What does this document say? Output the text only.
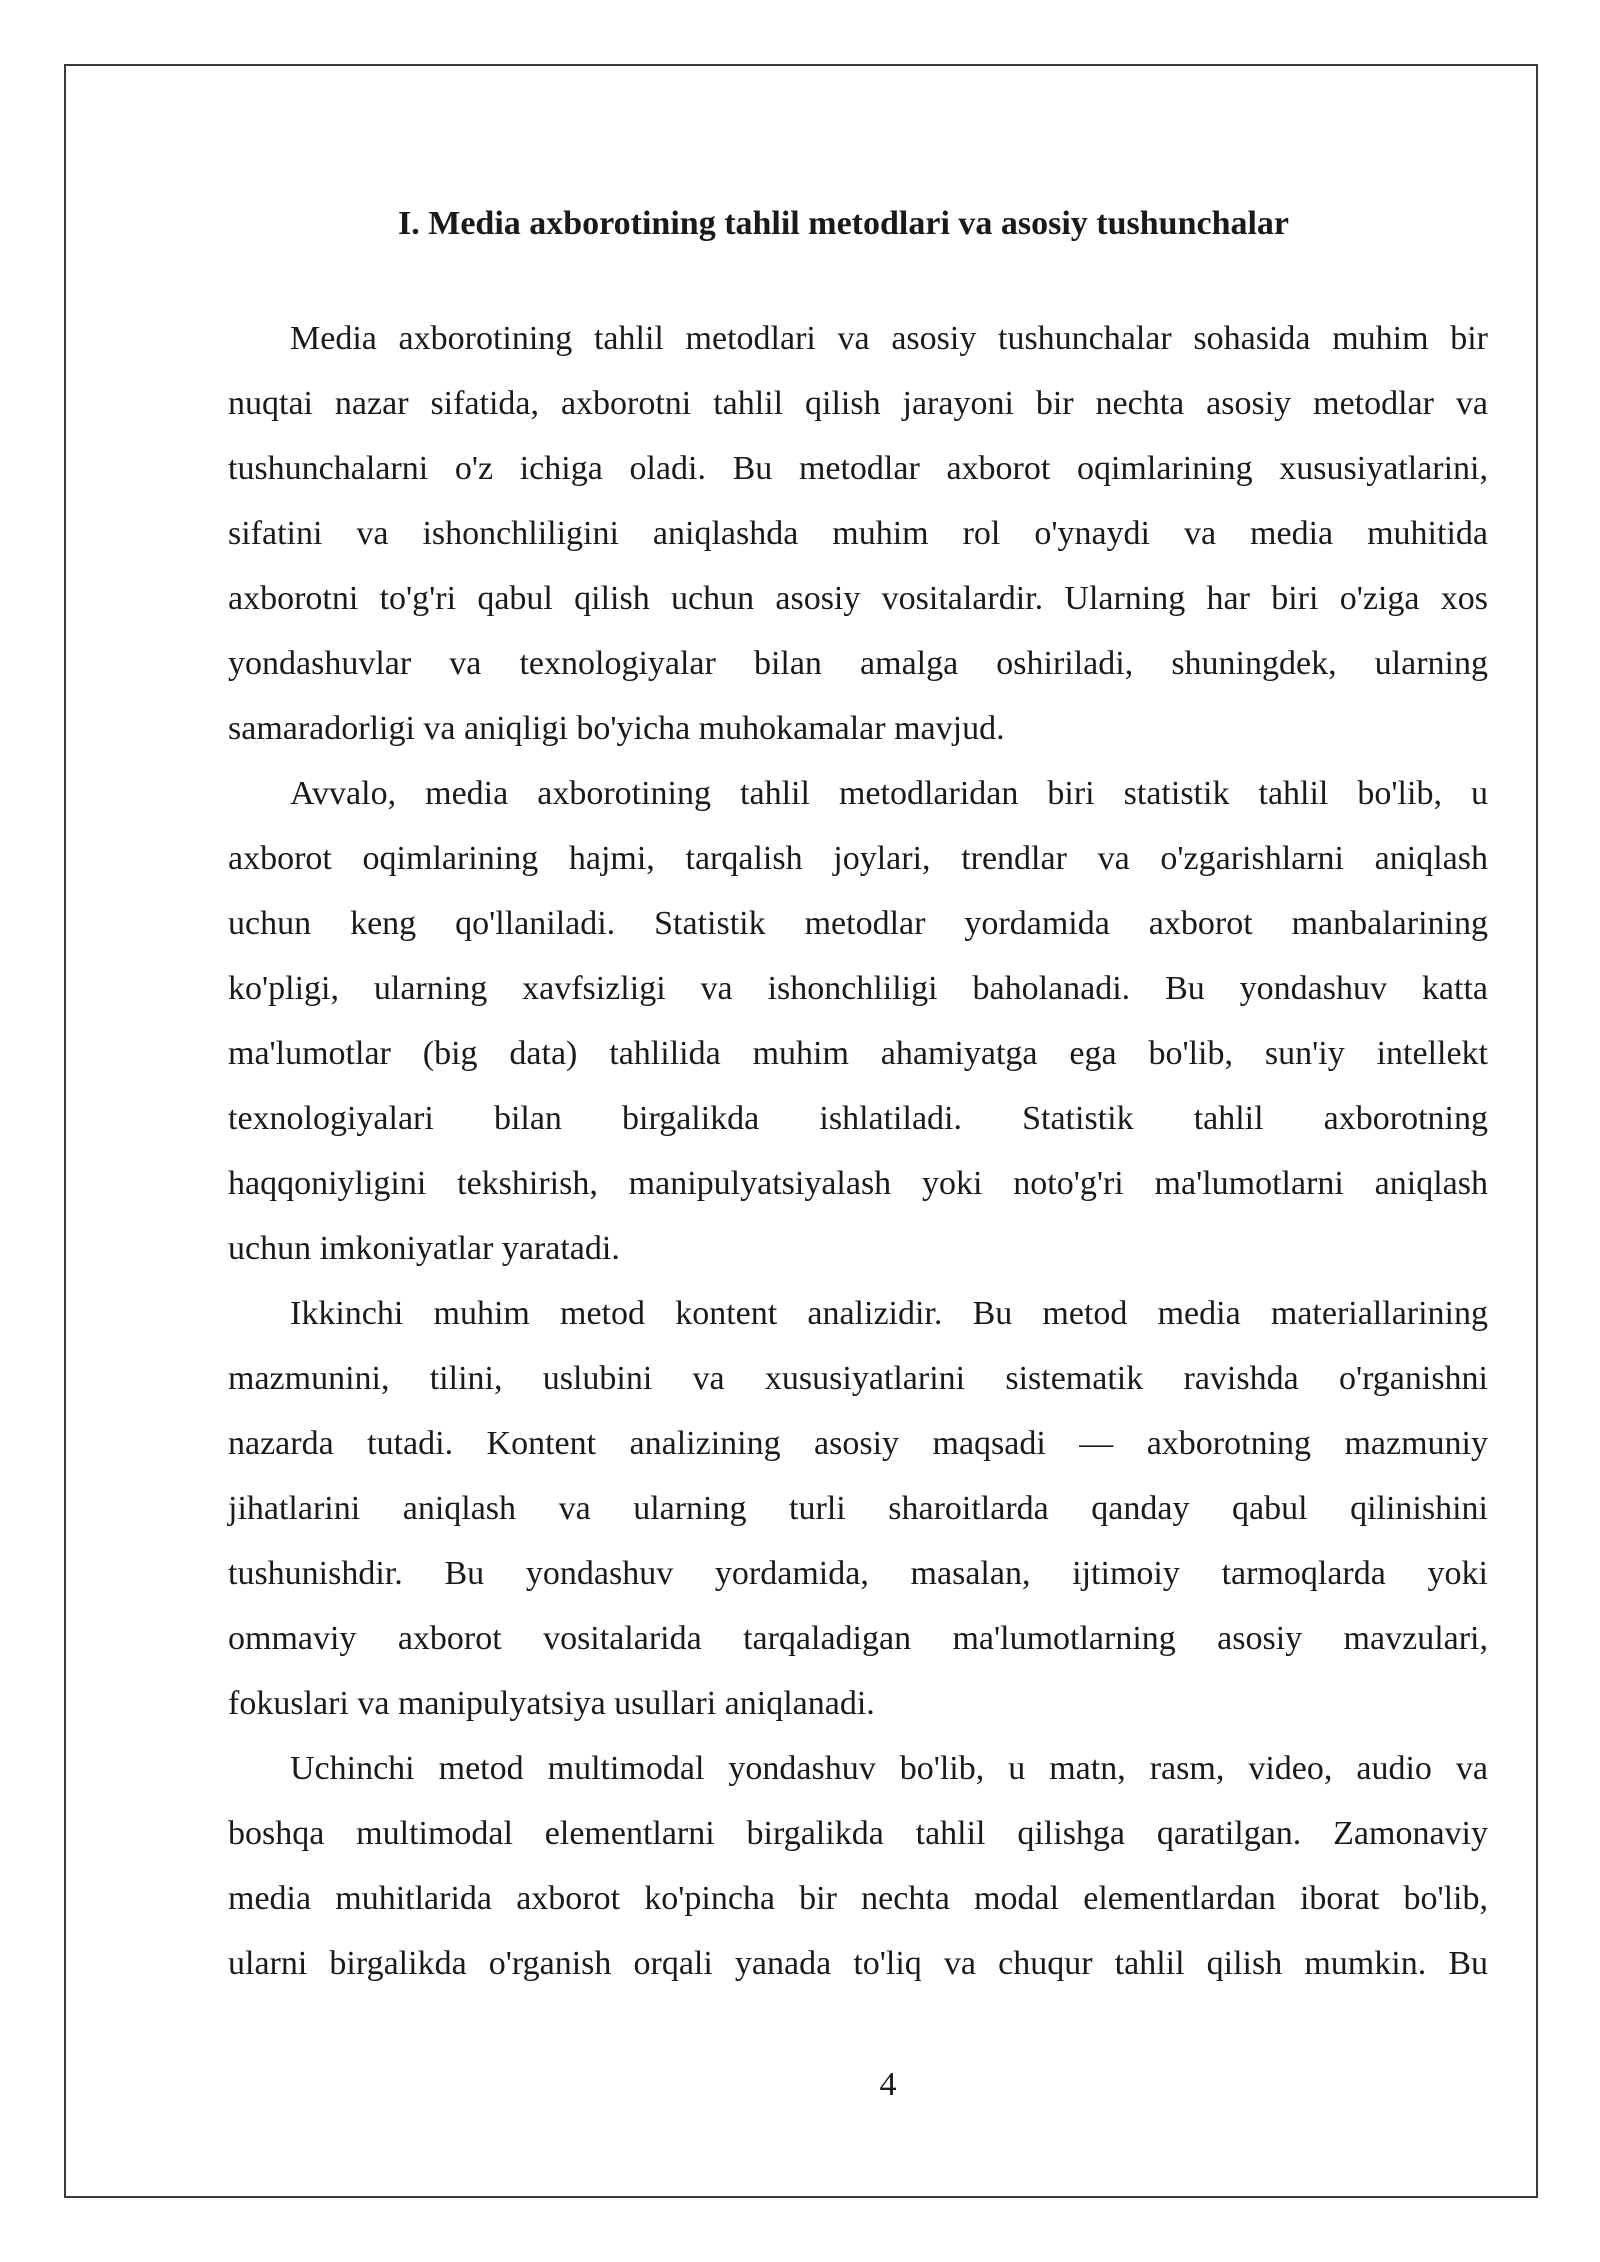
I. Media axborotining tahlil metodlari va asosiy tushunchalar

Media axborotining tahlil metodlari va asosiy tushunchalar sohasida muhim bir
nuqtai nazar sifatida, axborotni tahlil qilish jarayoni bir nechta asosiy metodlar va
tushunchalarni o'z ichiga oladi. Bu metodlar axborot oqimlarining xususiyatlarini,
sifatini va ishonchliligini aniqlashda muhim rol o'ynaydi va media muhitida
axborotni to'g'ri qabul qilish uchun asosiy vositalardir. Ularning har biri o'ziga xos
yondashuvlar va texnologiyalar bilan amalga oshiriladi, shuningdek, ularning
samaradorligi va aniqligi bo'yicha muhokamalar mavjud.

Avvalo, media axborotining tahlil metodlaridan biri statistik tahlil bo'lib, u
axborot oqimlarining hajmi, tarqalish joylari, trendlar va o'zgarishlarni aniqlash
uchun keng qo'llaniladi. Statistik metodlar yordamida axborot manbalarining
ko'pligi, ularning xavfsizligi va ishonchliligi baholanadi. Bu yondashuv katta
ma'lumotlar (big data) tahlilida muhim ahamiyatga ega bo'lib, sun'iy intellekt
texnologiyalari bilan birgalikda ishlatiladi. Statistik tahlil axborotning
haqqoniyligini tekshirish, manipulyatsiyalash yoki noto'g'ri ma'lumotlarni aniqlash
uchun imkoniyatlar yaratadi.

Ikkinchi muhim metod kontent analizidir. Bu metod media materiallarining
mazmunini, tilini, uslubini va xususiyatlarini sistematik ravishda o'rganishni
nazarda tutadi. Kontent analizining asosiy maqsadi — axborotning mazmuniy
jihatlarini aniqlash va ularning turli sharoitlarda qanday qabul qilinishini
tushunishdir. Bu yondashuv yordamida, masalan, ijtimoiy tarmoqlarda yoki
ommaviy axborot vositalarida tarqaladigan ma'lumotlarning asosiy mavzulari,
fokuslari va manipulyatsiya usullari aniqlanadi.

Uchinchi metod multimodal yondashuv bo'lib, u matn, rasm, video, audio va
boshqa multimodal elementlarni birgalikda tahlil qilishga qaratilgan. Zamonaviy
media muhitlarida axborot ko'pincha bir nechta modal elementlardan iborat bo'lib,
ularni birgalikda o'rganish orqali yanada to'liq va chuqur tahlil qilish mumkin. Bu

4
